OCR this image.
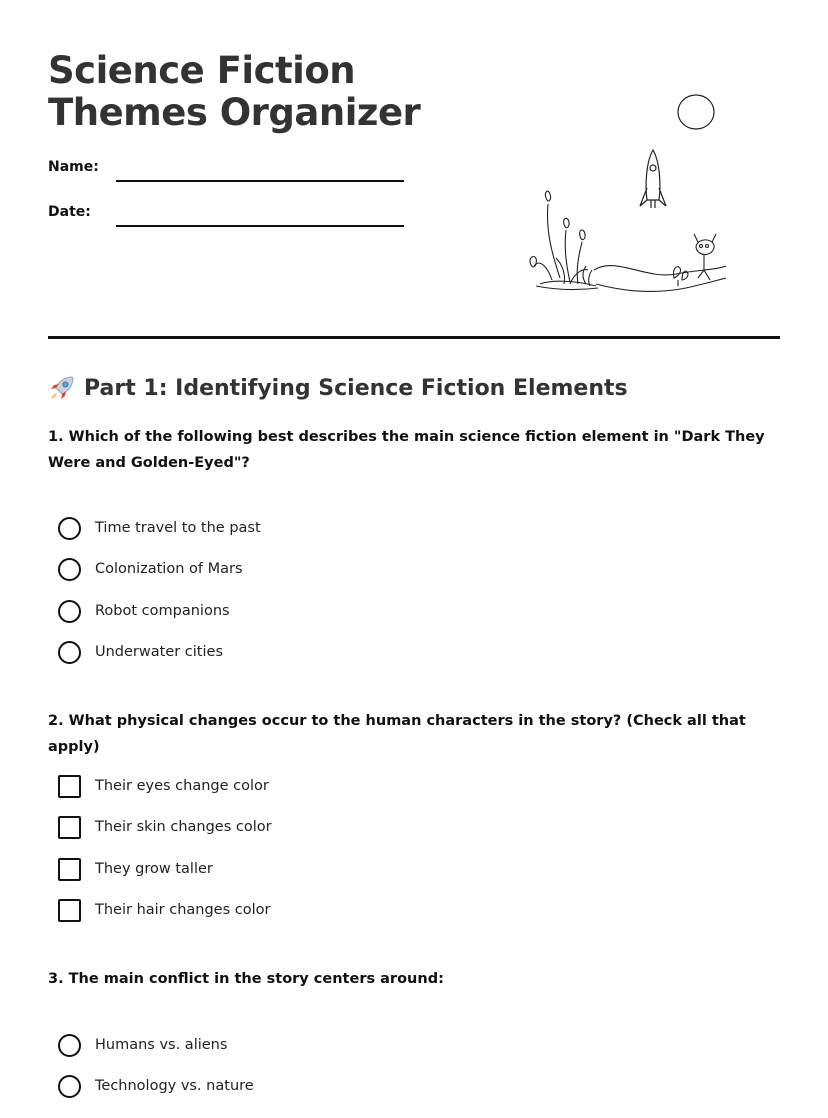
Science Fiction Themes Organizer
Name:
Date:
Part 1: Identifying Science Fiction Elements

1. Which of the following best describes the main science fiction element in "Dark They Were and Golden-Eyed"?

Time travel to the past
Colonization of Mars
Robot companions
Underwater cities

2. What physical changes occur to the human characters in the story? (Check all that apply)

Their eyes change color
Their skin changes color
They grow taller
Their hair changes color

3. The main conflict in the story centers around:

Humans vs. aliens
Technology vs. nature
